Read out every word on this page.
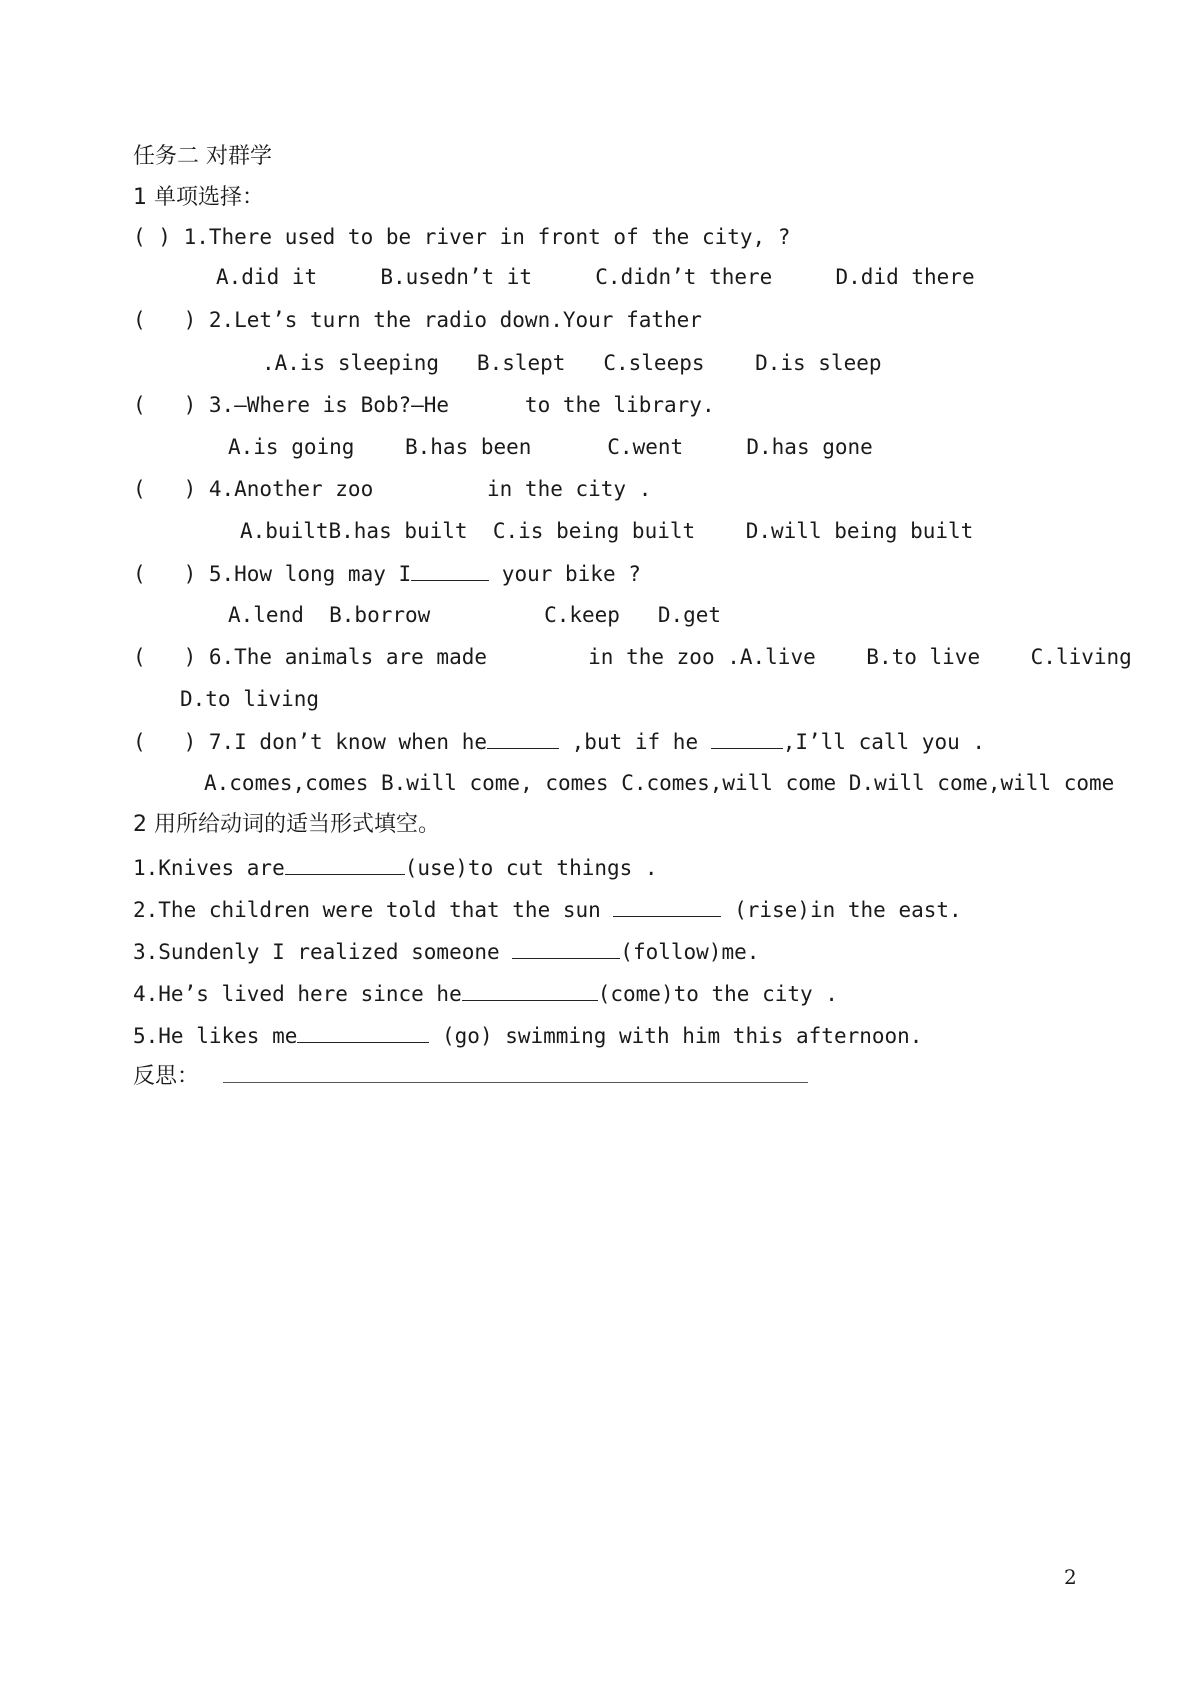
任务二 对群学
1 单项选择：
( ) 1.There used to be river in front of the city, ?
A.did it     B.usedn’t it     C.didn’t there     D.did there
(   ) 2.Let’s turn the radio down.Your father
.A.is sleeping   B.slept   C.sleeps    D.is sleep
(   ) 3.—Where is Bob?—He      to the library.
A.is going    B.has been      C.went     D.has gone
(   ) 4.Another zoo         in the city .
A.builtB.has built  C.is being built    D.will being built
(   ) 5.How long may I	your bike ?
A.lend  B.borrow         C.keep   D.get
(   ) 6.The animals are made        in the zoo .A.live    B.to live    C.living
D.to living
(   ) 7.I don’t know when he	,but if he	,I’ll call you .
A.comes,comes B.will come, comes C.comes,will come D.will come,will come
2 用所给动词的适当形式填空。
1.Knives are	(use)to cut things .
2.The children were told that the sun	(rise)in the east.
3.Sundenly I realized someone	(follow)me.
4.He’s lived here since he	(come)to the city .
5.He likes me	(go) swimming with him this afternoon.
反思：
2
